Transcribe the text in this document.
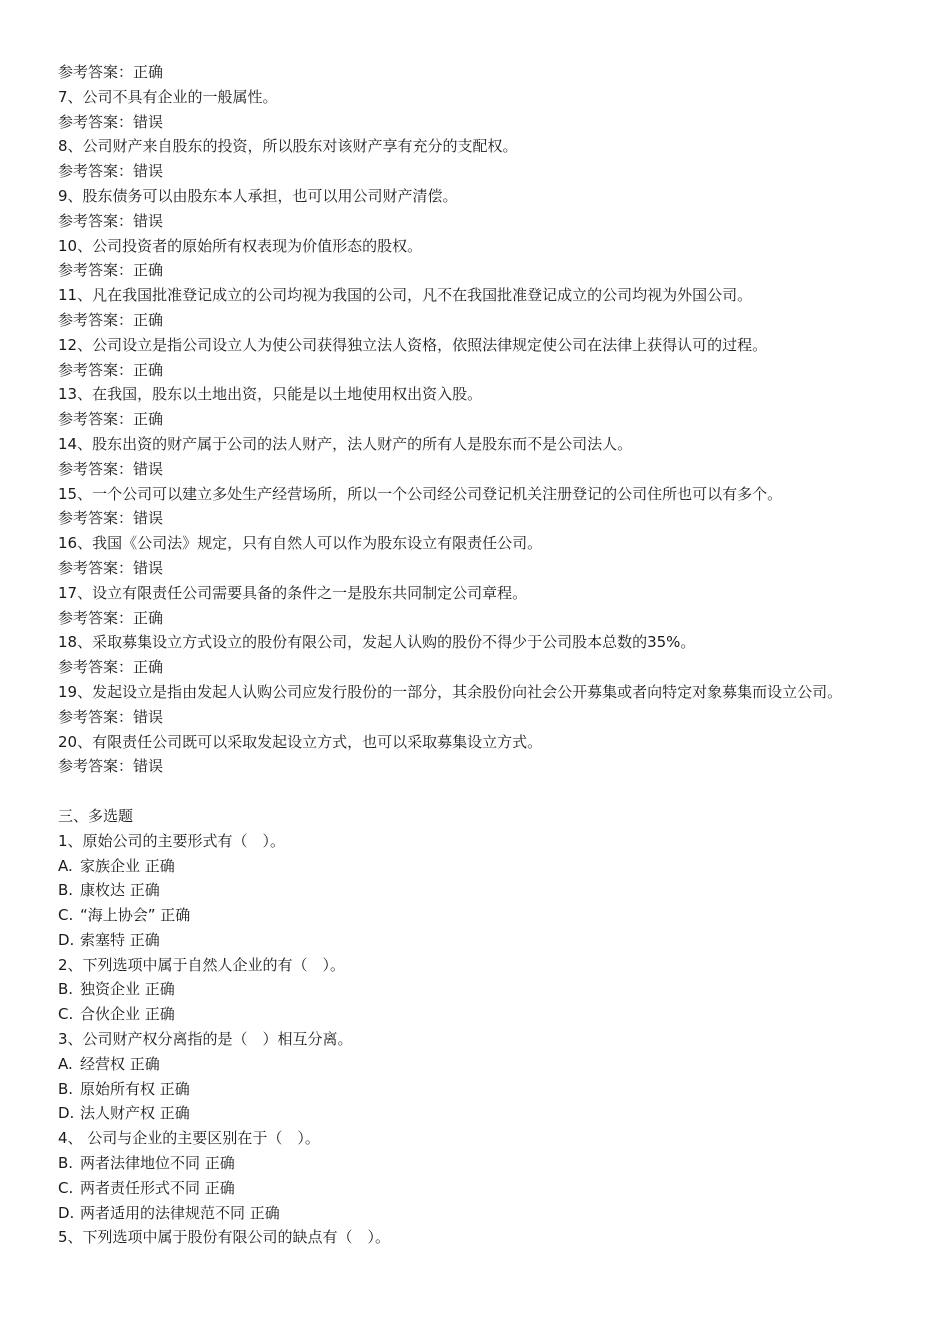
参考答案：正确

7、公司不具有企业的一般属性。

参考答案：错误

8、公司财产来自股东的投资，所以股东对该财产享有充分的支配权。

参考答案：错误

9、股东债务可以由股东本人承担，也可以用公司财产清偿。

参考答案：错误

10、公司投资者的原始所有权表现为价值形态的股权。

参考答案：正确

11、凡在我国批准登记成立的公司均视为我国的公司，凡不在我国批准登记成立的公司均视为外国公司。

参考答案：正确

12、公司设立是指公司设立人为使公司获得独立法人资格，依照法律规定使公司在法律上获得认可的过程。

参考答案：正确

13、在我国，股东以土地出资，只能是以土地使用权出资入股。

参考答案：正确

14、股东出资的财产属于公司的法人财产，法人财产的所有人是股东而不是公司法人。

参考答案：错误

15、一个公司可以建立多处生产经营场所，所以一个公司经公司登记机关注册登记的公司住所也可以有多个。

参考答案：错误

16、我国《公司法》规定，只有自然人可以作为股东设立有限责任公司。

参考答案：错误

17、设立有限责任公司需要具备的条件之一是股东共同制定公司章程。

参考答案：正确

18、采取募集设立方式设立的股份有限公司，发起人认购的股份不得少于公司股本总数的35%。

参考答案：正确

19、发起设立是指由发起人认购公司应发行股份的一部分，其余股份向社会公开募集或者向特定对象募集而设立公司。

参考答案：错误

20、有限责任公司既可以采取发起设立方式，也可以采取募集设立方式。

参考答案：错误

三、多选题

1、原始公司的主要形式有（　）。

A. 家族企业 正确

B. 康枚达 正确

C. “海上协会” 正确

D. 索塞特 正确

2、下列选项中属于自然人企业的有（　）。

B. 独资企业 正确

C. 合伙企业 正确

3、公司财产权分离指的是（　）相互分离。

A. 经营权 正确

B. 原始所有权 正确

D. 法人财产权 正确

4、 公司与企业的主要区别在于（　）。

B. 两者法律地位不同 正确

C. 两者责任形式不同 正确

D. 两者适用的法律规范不同 正确

5、下列选项中属于股份有限公司的缺点有（　）。
